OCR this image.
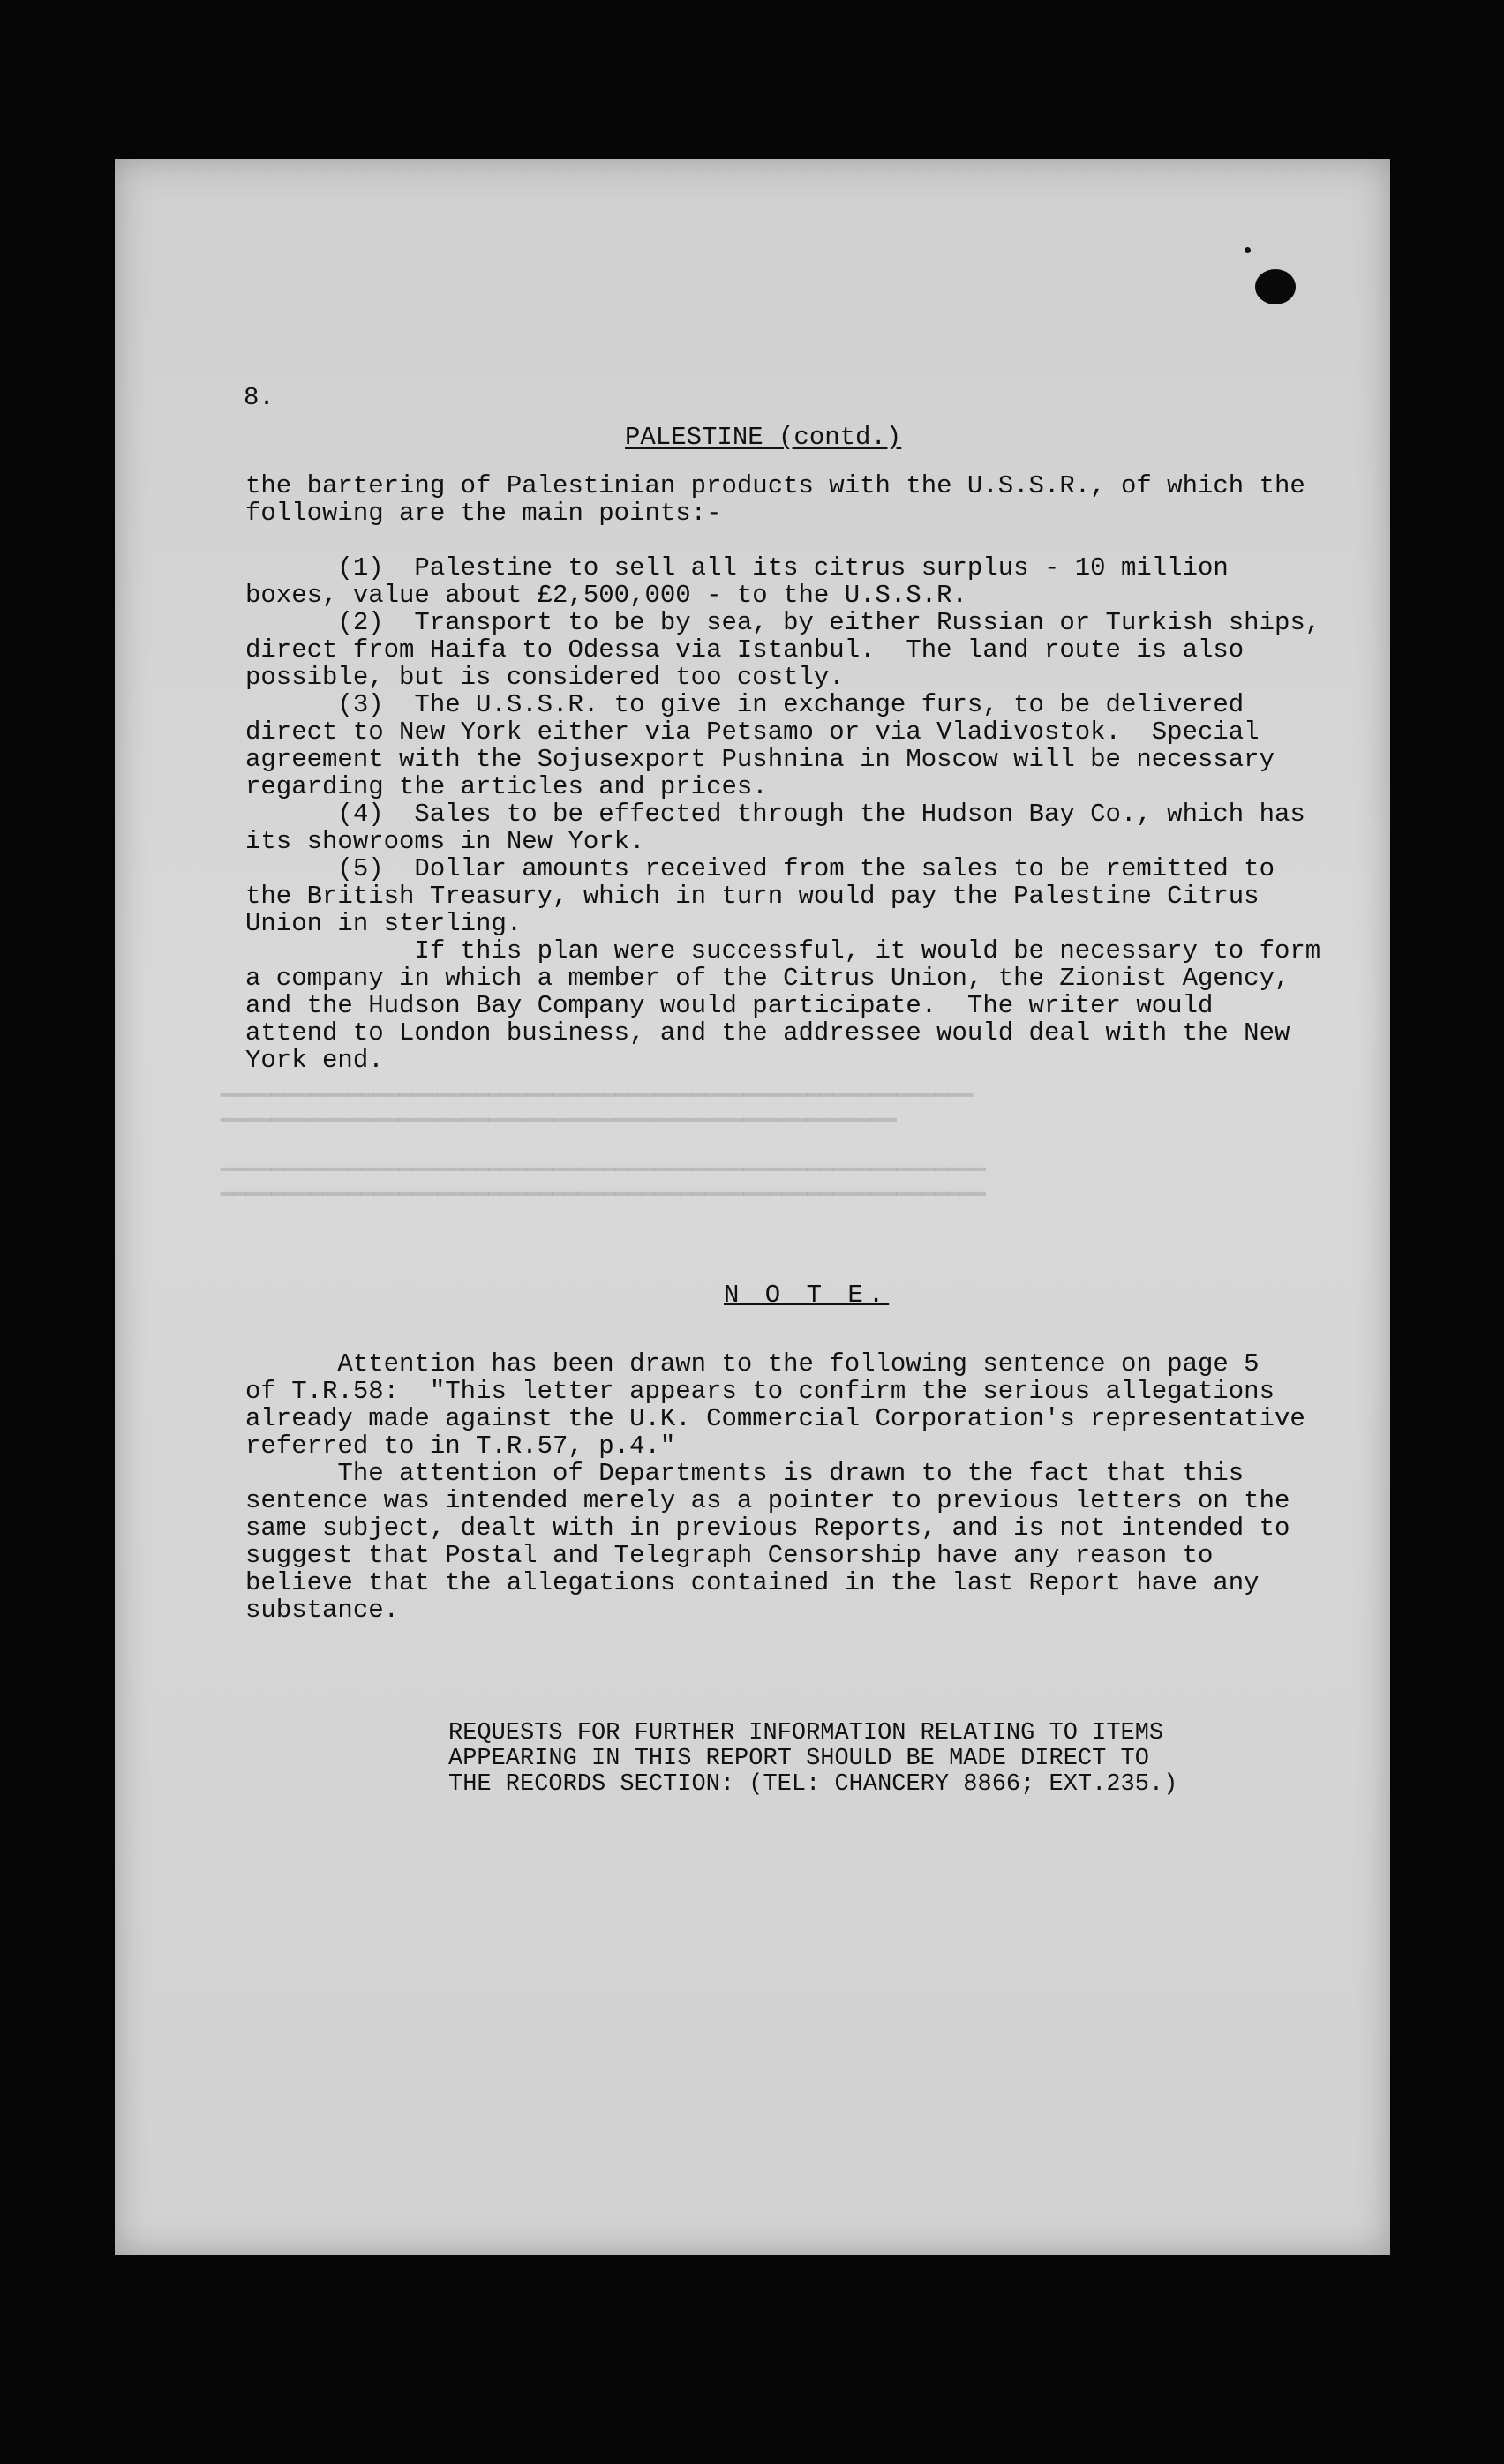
━━━━━━━━━━━━━━━━━━━━━━━━━━━━━━━━━━━━━━━━━━━━━━━━━━━━━━━━━━━
━━━━━━━━━━━━━━━━━━━━━━━━━━━━━━━━━━━━━━━━━━━━━━━━━━━━━

━━━━━━━━━━━━━━━━━━━━━━━━━━━━━━━━━━━━━━━━━━━━━━━━━━━━━━━━━━━━
━━━━━━━━━━━━━━━━━━━━━━━━━━━━━━━━━━━━━━━━━━━━━━━━━━━━━━━━━━━━
8.
PALESTINE (contd.)
the bartering of Palestinian products with the U.S.S.R., of which the
following are the main points:-
(1)  Palestine to sell all its citrus surplus - 10 million
boxes, value about £2,500,000 - to the U.S.S.R.
(2)  Transport to be by sea, by either Russian or Turkish ships,
direct from Haifa to Odessa via Istanbul.  The land route is also
possible, but is considered too costly.
(3)  The U.S.S.R. to give in exchange furs, to be delivered
direct to New York either via Petsamo or via Vladivostok.  Special
agreement with the Sojusexport Pushnina in Moscow will be necessary
regarding the articles and prices.
(4)  Sales to be effected through the Hudson Bay Co., which has
its showrooms in New York.
(5)  Dollar amounts received from the sales to be remitted to
the British Treasury, which in turn would pay the Palestine Citrus
Union in sterling.
If this plan were successful, it would be necessary to form
a company in which a member of the Citrus Union, the Zionist Agency,
and the Hudson Bay Company would participate.  The writer would
attend to London business, and the addressee would deal with the New
York end.
N O T E.
Attention has been drawn to the following sentence on page 5
of T.R.58:  "This letter appears to confirm the serious allegations
already made against the U.K. Commercial Corporation's representative
referred to in T.R.57, p.4."
The attention of Departments is drawn to the fact that this
sentence was intended merely as a pointer to previous letters on the
same subject, dealt with in previous Reports, and is not intended to
suggest that Postal and Telegraph Censorship have any reason to
believe that the allegations contained in the last Report have any
substance.
REQUESTS FOR FURTHER INFORMATION RELATING TO ITEMS
APPEARING IN THIS REPORT SHOULD BE MADE DIRECT TO
THE RECORDS SECTION: (TEL: CHANCERY 8866; EXT.235.)
